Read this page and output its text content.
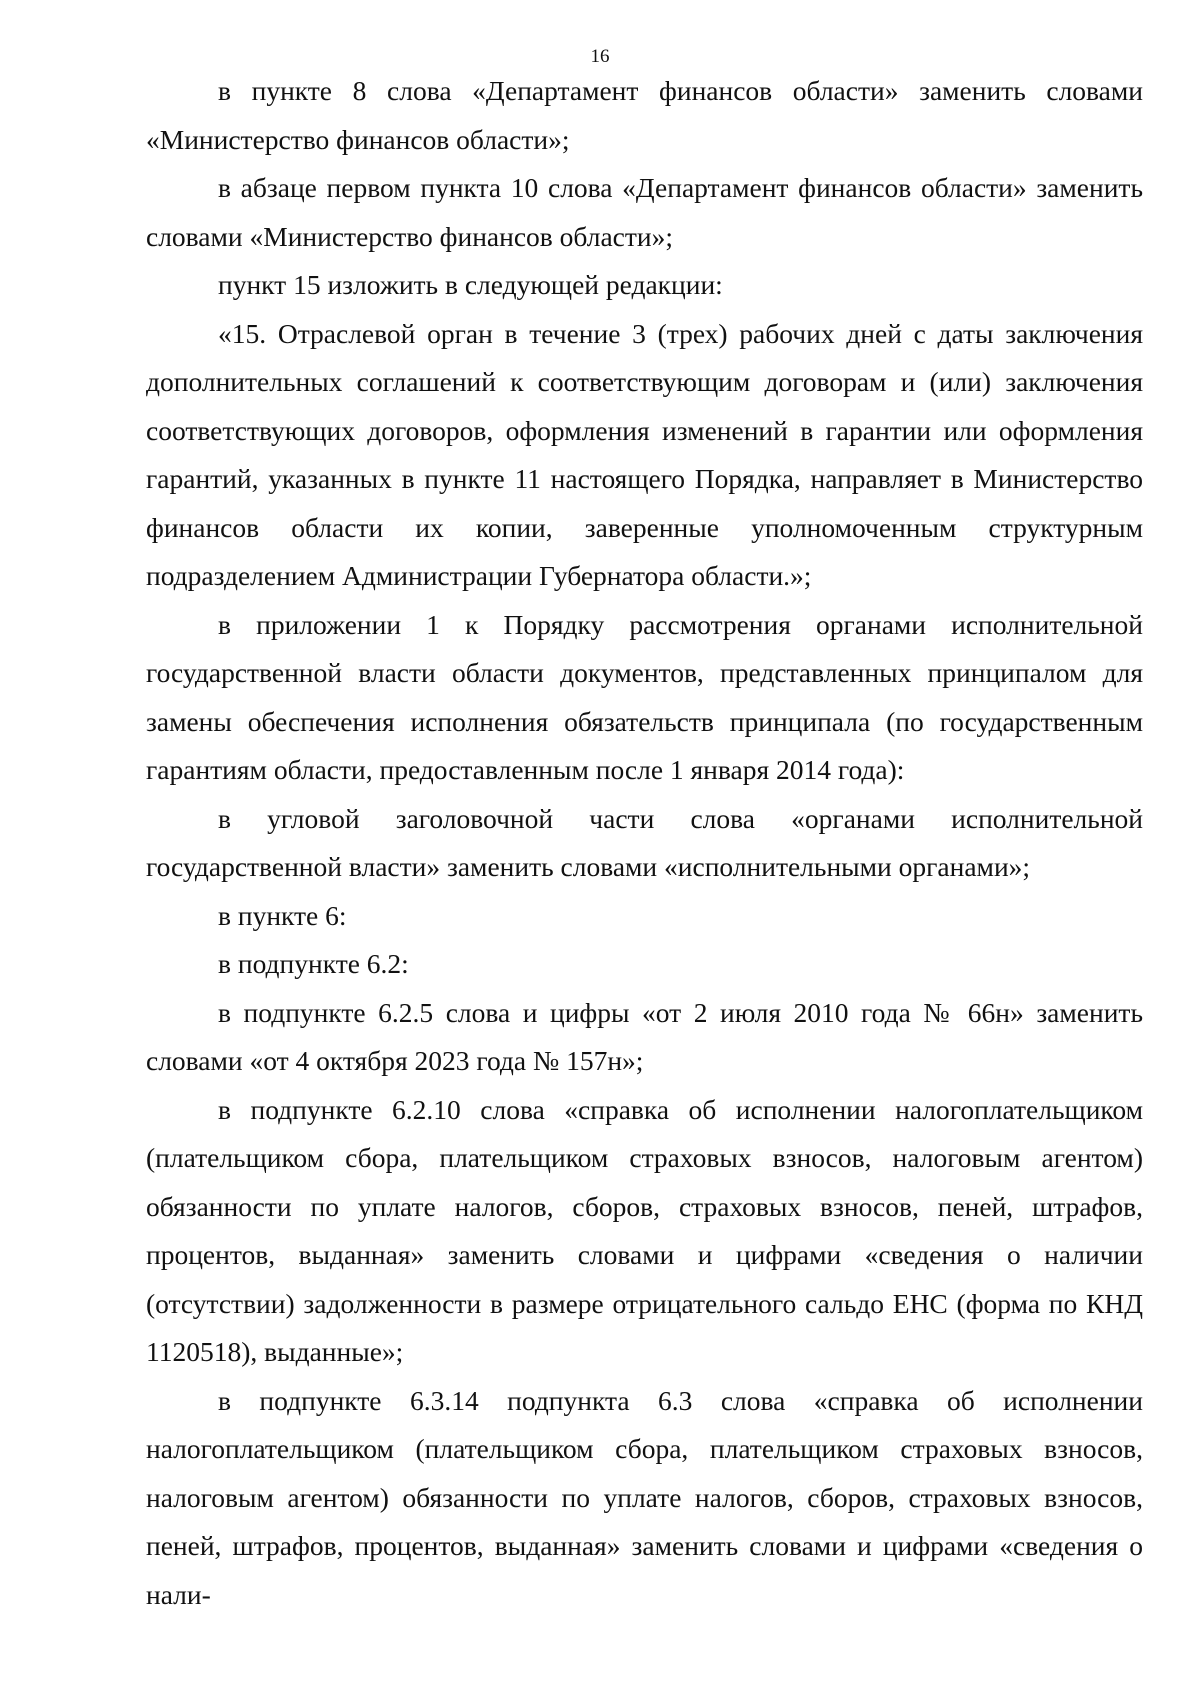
16

в пункте 8 слова «Департамент финансов области» заменить словами «Министерство финансов области»;

в абзаце первом пункта 10 слова «Департамент финансов области» заменить словами «Министерство финансов области»;

пункт 15 изложить в следующей редакции:

«15. Отраслевой орган в течение 3 (трех) рабочих дней с даты заключения дополнительных соглашений к соответствующим договорам и (или) заключения соответствующих договоров, оформления изменений в гарантии или оформления гарантий, указанных в пункте 11 настоящего Порядка, направляет в Министерство финансов области их копии, заверенные уполномоченным структурным подразделением Администрации Губернатора области.»;

в приложении 1 к Порядку рассмотрения органами исполнительной государственной власти области документов, представленных принципалом для замены обеспечения исполнения обязательств принципала (по государственным гарантиям области, предоставленным после 1 января 2014 года):

в угловой заголовочной части слова «органами исполнительной государственной власти» заменить словами «исполнительными органами»;

в пункте 6:

в подпункте 6.2:

в подпункте 6.2.5 слова и цифры «от 2 июля 2010 года № 66н» заменить словами «от 4 октября 2023 года № 157н»;

в подпункте 6.2.10 слова «справка об исполнении налогоплательщиком (плательщиком сбора, плательщиком страховых взносов, налоговым агентом) обязанности по уплате налогов, сборов, страховых взносов, пеней, штрафов, процентов, выданная» заменить словами и цифрами «сведения о наличии (отсутствии) задолженности в размере отрицательного сальдо ЕНС (форма по КНД 1120518), выданные»;

в подпункте 6.3.14 подпункта 6.3 слова «справка об исполнении налогоплательщиком (плательщиком сбора, плательщиком страховых взносов, налоговым агентом) обязанности по уплате налогов, сборов, страховых взносов, пеней, штрафов, процентов, выданная» заменить словами и цифрами «сведения о нали-
